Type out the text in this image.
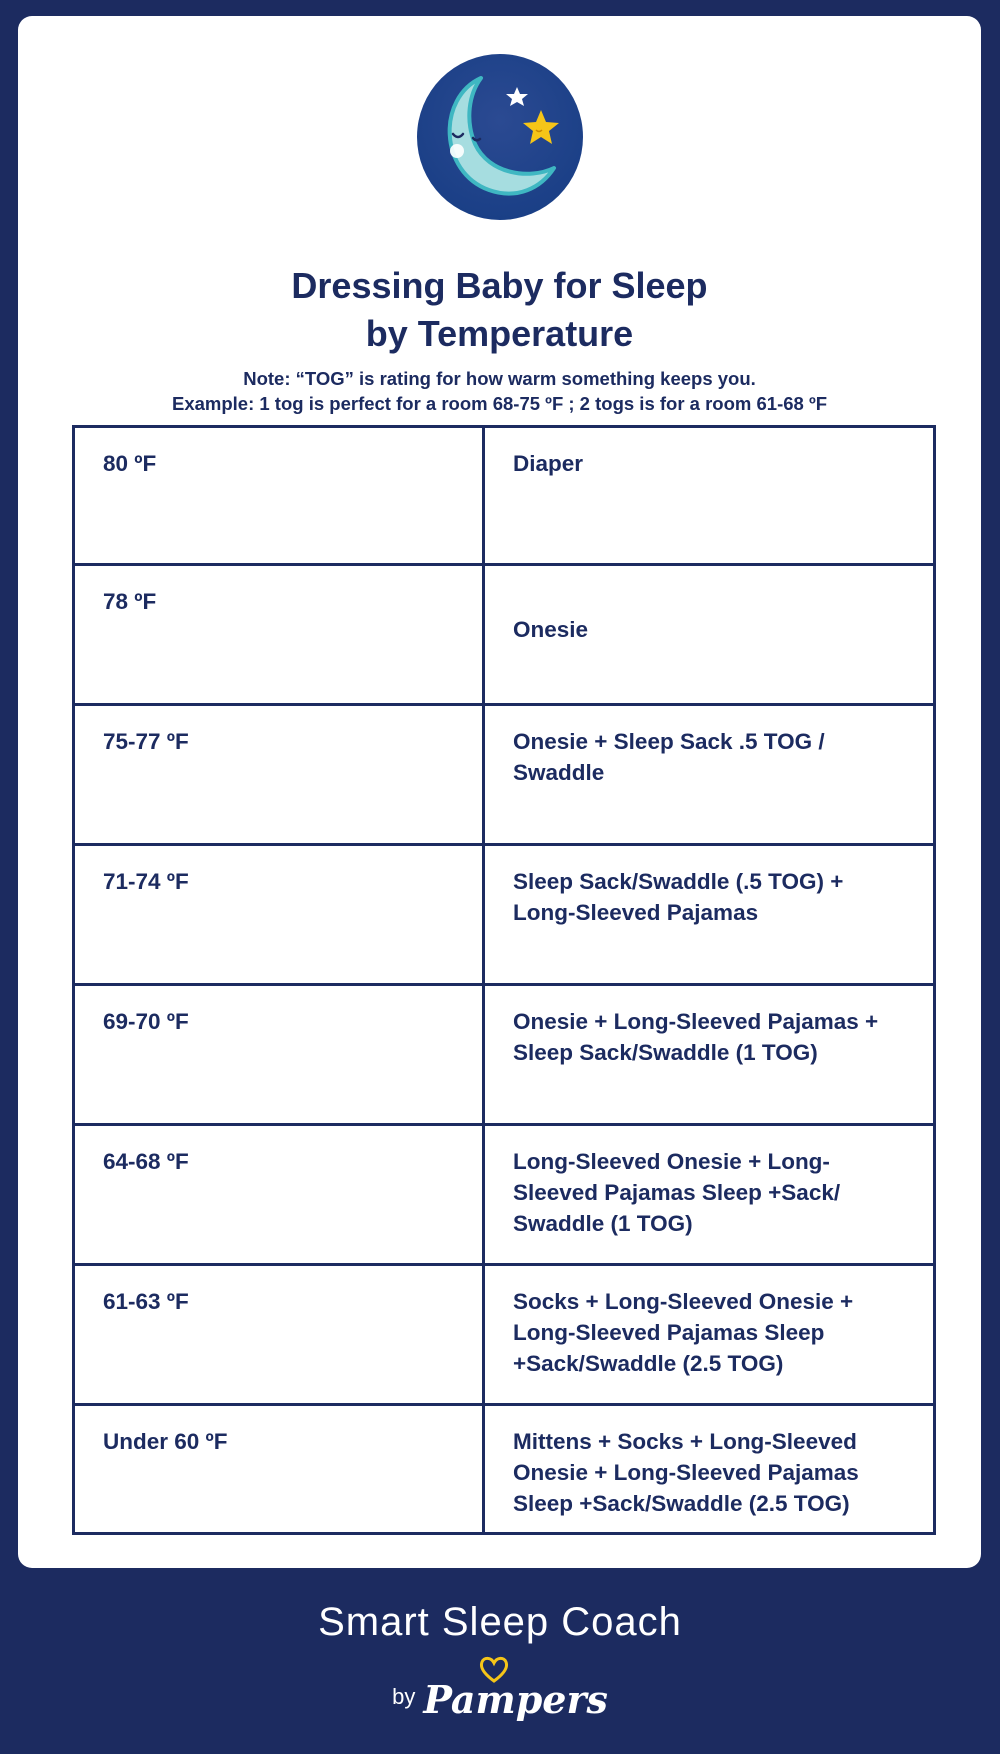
Dressing Baby for Sleep
by Temperature
Note: “TOG” is rating for how warm something keeps you.
Example: 1 tog is perfect for a room 68-75 ºF ; 2 togs is for a room 61-68 ºF
80 ºF	Diaper

78 ºF	Onesie

75-77 ºF	Onesie + Sleep Sack .5 TOG /
Swaddle

71-74 ºF	Sleep Sack/Swaddle (.5 TOG) +
Long-Sleeved Pajamas

69-70 ºF	Onesie + Long-Sleeved Pajamas +
Sleep Sack/Swaddle (1 TOG)

64-68 ºF	Long-Sleeved Onesie + Long-
Sleeved Pajamas Sleep +Sack/
Swaddle (1 TOG)

61-63 ºF	Socks + Long-Sleeved Onesie +
Long-Sleeved Pajamas Sleep
+Sack/Swaddle (2.5 TOG)

Under 60 ºF	Mittens + Socks + Long-Sleeved
Onesie + Long-Sleeved Pajamas
Sleep +Sack/Swaddle (2.5 TOG)
Smart Sleep Coach
by Pampers
